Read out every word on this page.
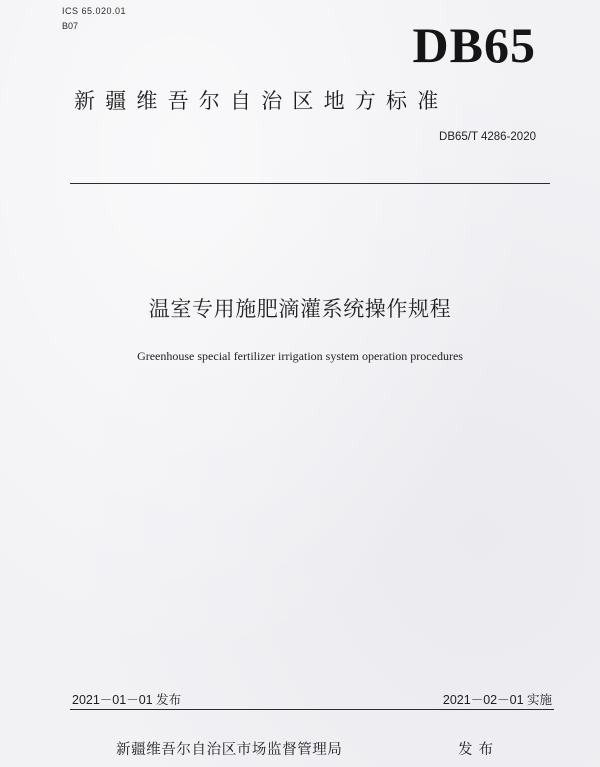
ICS 65.020.01
B07	DB65
新疆维吾尔自治区地方标准
DB65/T 4286-2020
温室专用施肥滴灌系统操作规程
Greenhouse special fertilizer irrigation system operation procedures
2021－01－01 发布	2021－02－01 实施
新疆维吾尔自治区市场监督管理局	发布
